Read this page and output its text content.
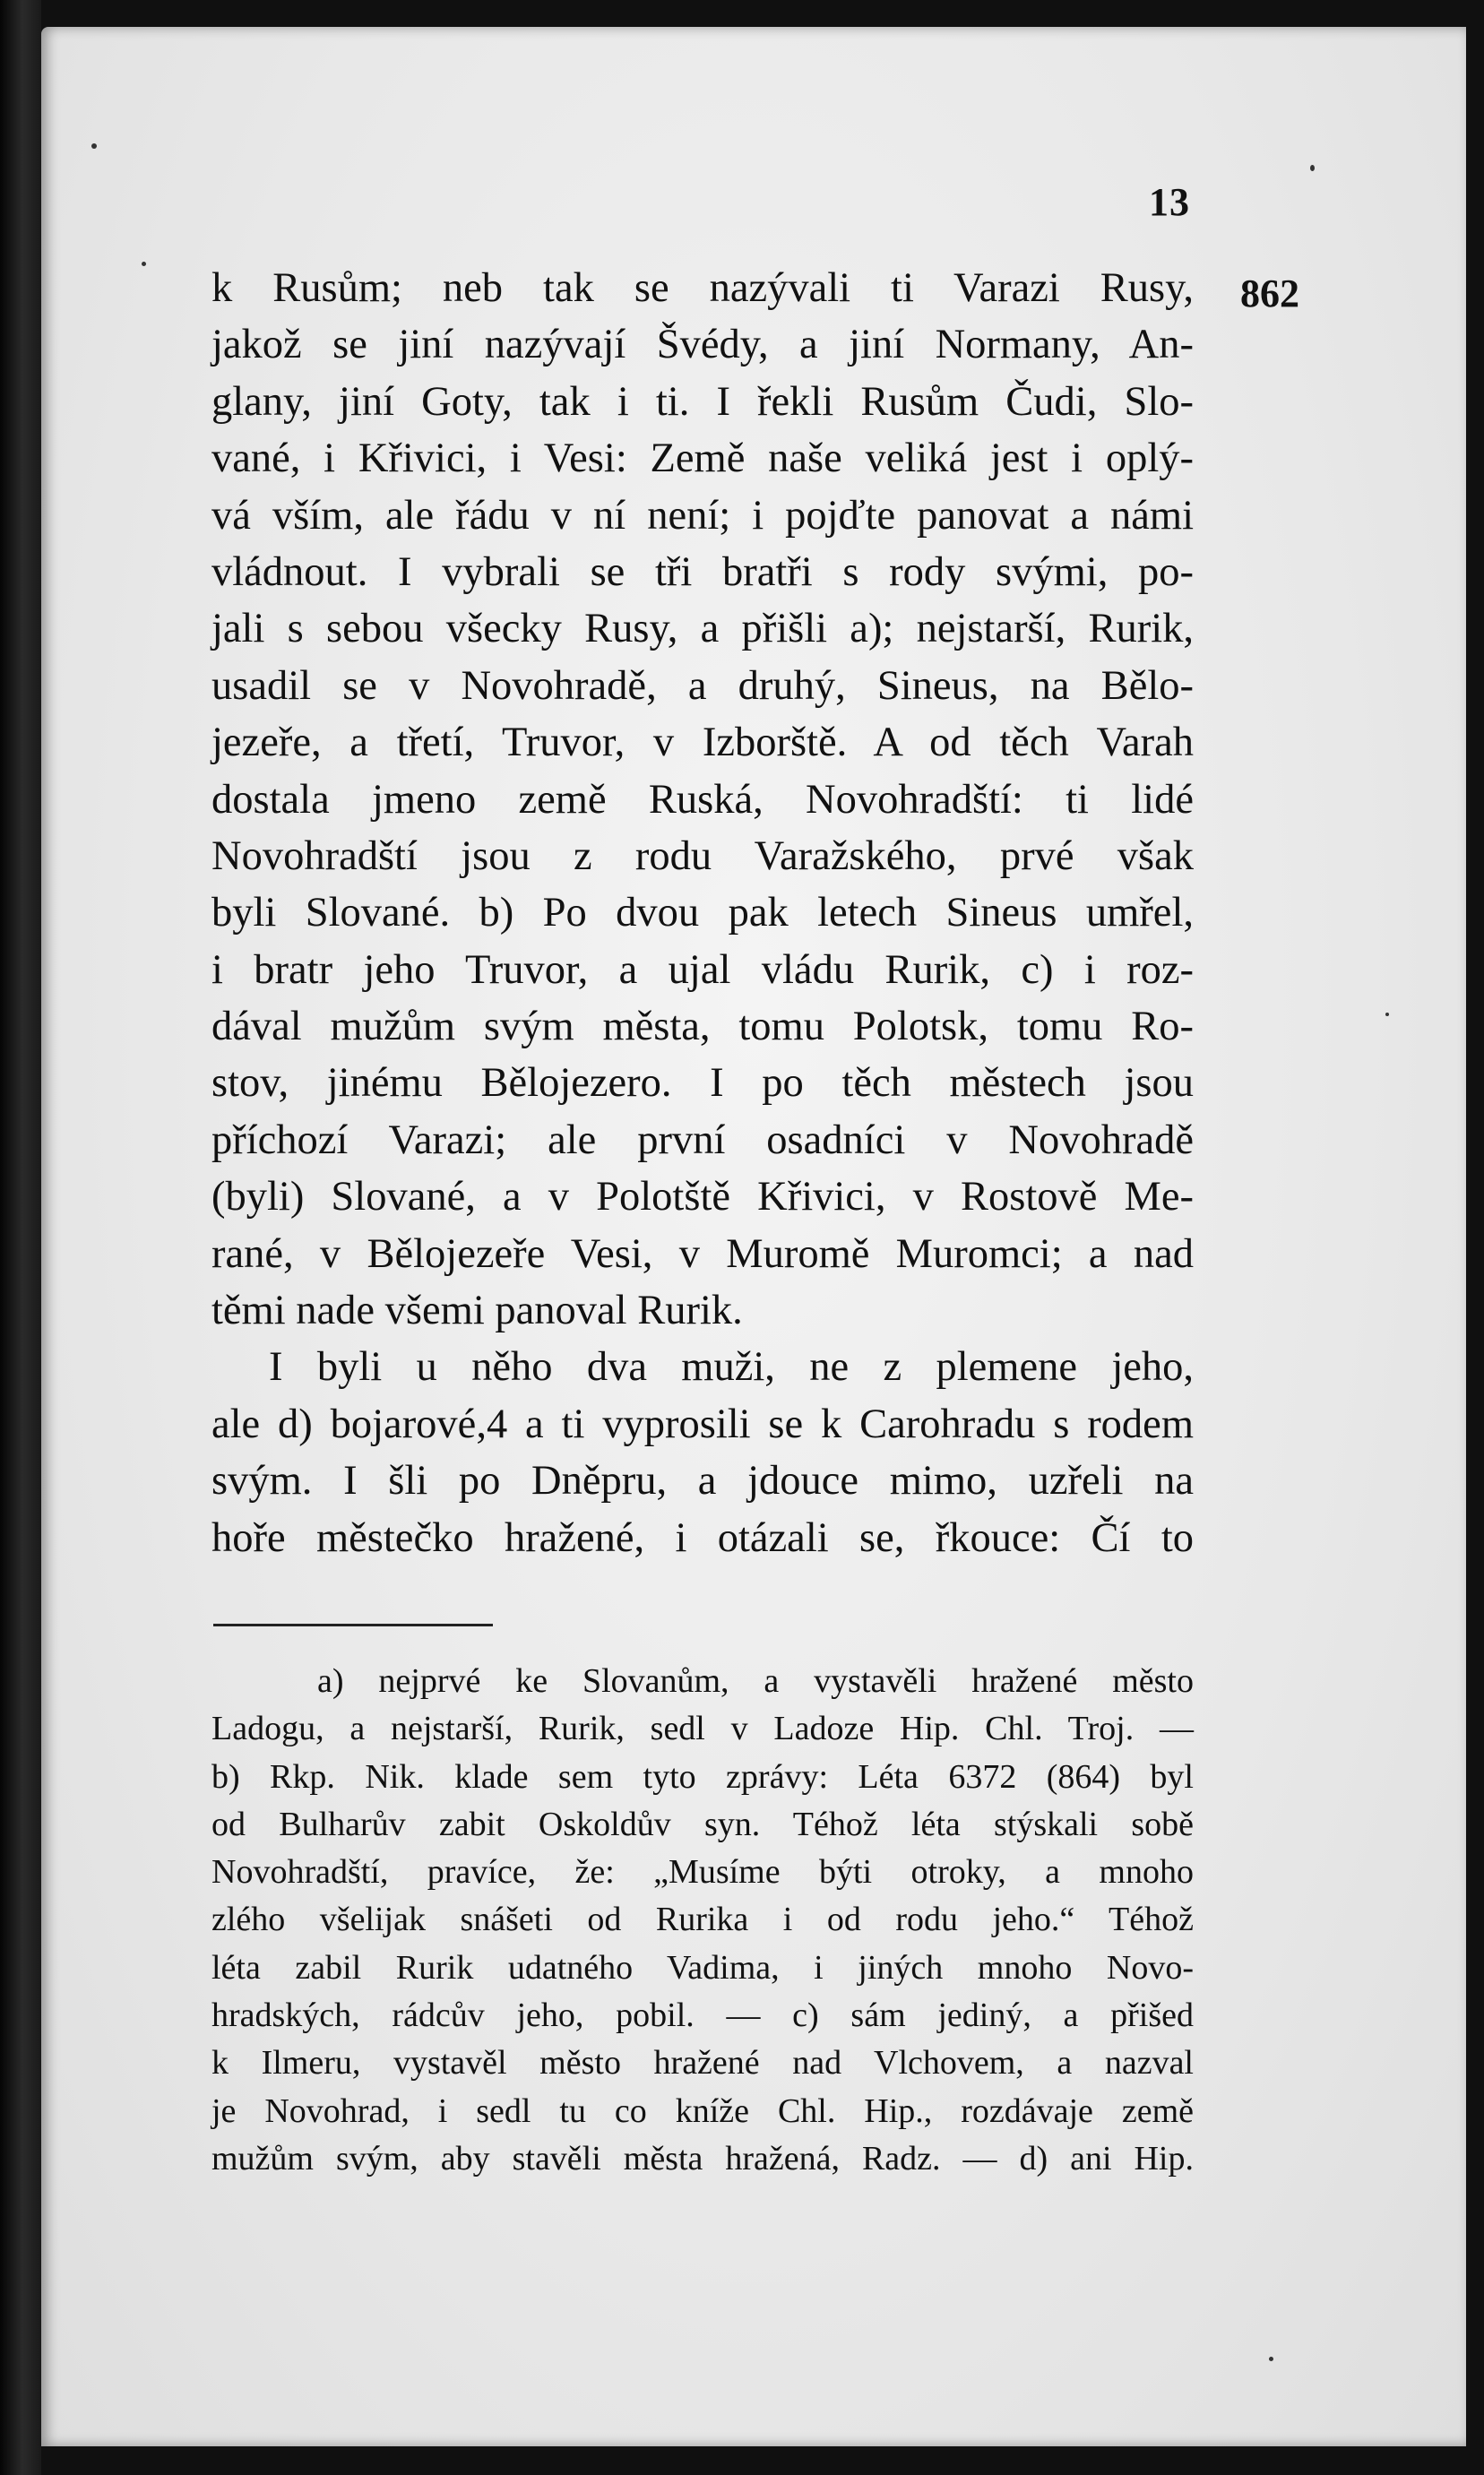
13
862
k Rusům; neb tak se nazývali ti Varazi Rusy,
jakož se jiní nazývají Švédy, a jiní Normany, An-
glany, jiní Goty, tak i ti. I řekli Rusům Čudi, Slo-
vané, i Křivici, i Vesi: Země naše veliká jest i oplý-
vá vším, ale řádu v ní není; i pojďte panovat a námi
vládnout. I vybrali se tři bratři s rody svými, po-
jali s sebou všecky Rusy, a přišli a); nejstarší, Rurik,
usadil se v Novohradě, a druhý, Sineus, na Bělo-
jezeře, a třetí, Truvor, v Izborště. A od těch Varah
dostala jmeno země Ruská, Novohradští: ti lidé
Novohradští jsou z rodu Varažského, prvé však
byli Slované. b) Po dvou pak letech Sineus umřel,
i bratr jeho Truvor, a ujal vládu Rurik, c) i roz-
dával mužům svým města, tomu Polotsk, tomu Ro-
stov, jinému Bělojezero. I po těch městech jsou
příchozí Varazi; ale první osadníci v Novohradě
(byli) Slované, a v Polotště Křivici, v Rostově Me-
rané, v Bělojezeře Vesi, v Muromě Muromci; a nad
těmi nade všemi panoval Rurik.
I byli u něho dva muži, ne z plemene jeho,
ale d) bojarové,4 a ti vyprosili se k Carohradu s rodem
svým. I šli po Dněpru, a jdouce mimo, uzřeli na
hoře městečko hražené, i otázali se, řkouce: Čí to
a) nejprvé ke Slovanům, a vystavěli hražené město
Ladogu, a nejstarší, Rurik, sedl v Ladoze Hip. Chl. Troj. —
b) Rkp. Nik. klade sem tyto zprávy: Léta 6372 (864) byl
od Bulharův zabit Oskoldův syn. Téhož léta stýskali sobě
Novohradští, pravíce, že: „Musíme býti otroky, a mnoho
zlého všelijak snášeti od Rurika i od rodu jeho.“ Téhož
léta zabil Rurik udatného Vadima, i jiných mnoho Novo-
hradských, rádcův jeho, pobil. — c) sám jediný, a přišed
k Ilmeru, vystavěl město hražené nad Vlchovem, a nazval
je Novohrad, i sedl tu co kníže Chl. Hip., rozdávaje země
mužům svým, aby stavěli města hražená, Radz. — d) ani Hip.
